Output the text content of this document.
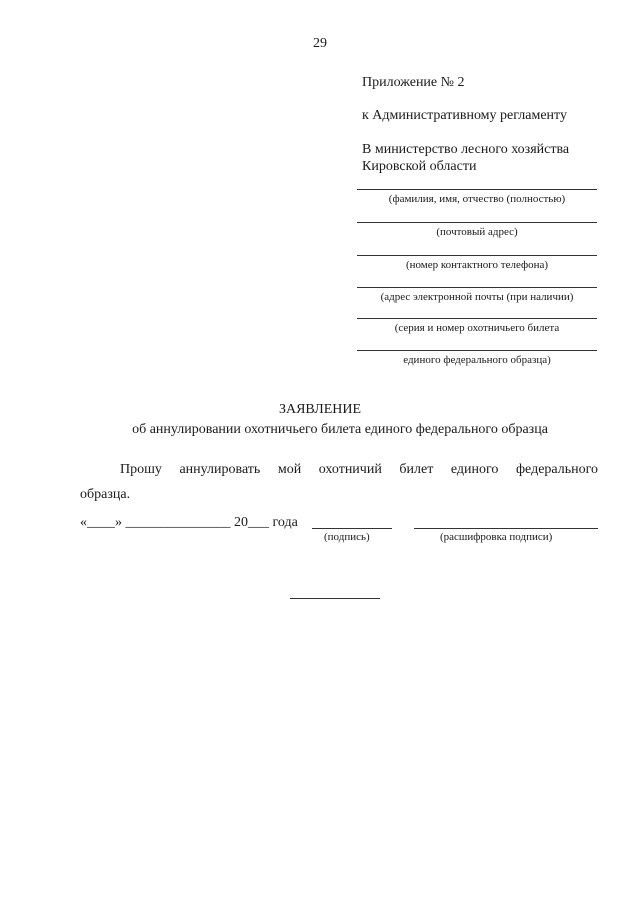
29
Приложение № 2
к Административному регламенту
В министерство лесного хозяйства
Кировской области
(фамилия, имя, отчество (полностью)
(почтовый адрес)
(номер контактного телефона)
(адрес электронной почты (при наличии)
(серия и номер охотничьего билета
единого федерального образца)
ЗАЯВЛЕНИЕ
об аннулировании охотничьего билета единого федерального образца
Прошу аннулировать мой охотничий билет единого федерального
образца.
«____» _______________ 20___ года
(подпись)	(расшифровка подписи)
